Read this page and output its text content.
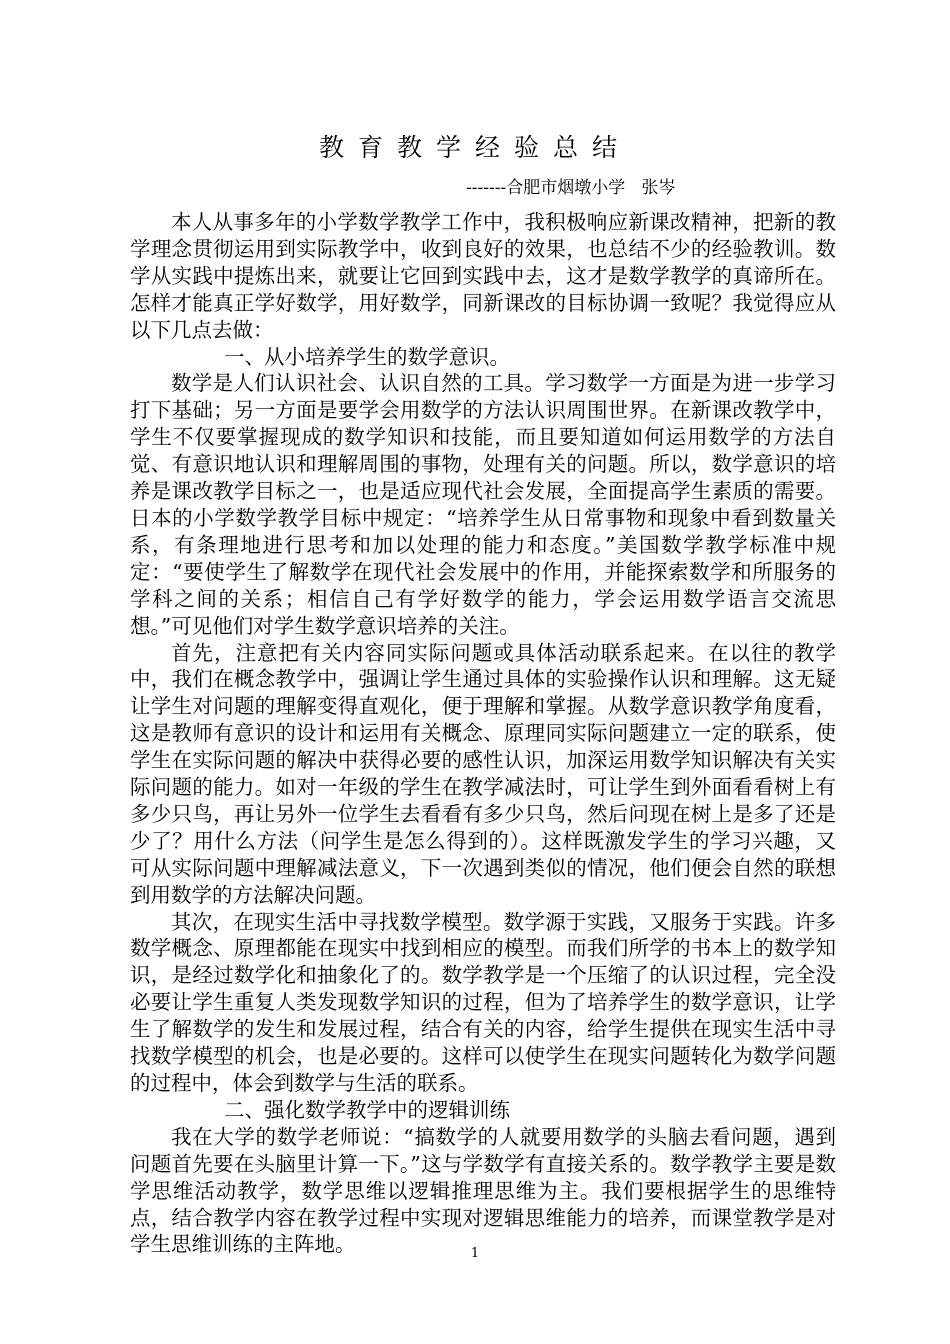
教育教学经验总结
-------合肥市烟墩小学   张岑

本人从事多年的小学数学教学工作中，我积极响应新课改精神，把新的教学理念贯彻运用到实际教学中，收到良好的效果，也总结不少的经验教训。数学从实践中提炼出来，就要让它回到实践中去，这才是数学教学的真谛所在。怎样才能真正学好数学，用好数学，同新课改的目标协调一致呢？我觉得应从以下几点去做：

一、从小培养学生的数学意识。

数学是人们认识社会、认识自然的工具。学习数学一方面是为进一步学习打下基础；另一方面是要学会用数学的方法认识周围世界。在新课改教学中，学生不仅要掌握现成的数学知识和技能，而且要知道如何运用数学的方法自觉、有意识地认识和理解周围的事物，处理有关的问题。所以，数学意识的培养是课改教学目标之一，也是适应现代社会发展，全面提高学生素质的需要。日本的小学数学教学目标中规定：“培养学生从日常事物和现象中看到数量关系，有条理地进行思考和加以处理的能力和态度。”美国数学教学标准中规定：“要使学生了解数学在现代社会发展中的作用，并能探索数学和所服务的学科之间的关系；相信自己有学好数学的能力，学会运用数学语言交流思想。”可见他们对学生数学意识培养的关注。

首先，注意把有关内容同实际问题或具体活动联系起来。在以往的教学中，我们在概念教学中，强调让学生通过具体的实验操作认识和理解。这无疑让学生对问题的理解变得直观化，便于理解和掌握。从数学意识教学角度看，这是教师有意识的设计和运用有关概念、原理同实际问题建立一定的联系，使学生在实际问题的解决中获得必要的感性认识，加深运用数学知识解决有关实际问题的能力。如对一年级的学生在教学减法时，可让学生到外面看看树上有多少只鸟，再让另外一位学生去看看有多少只鸟，然后问现在树上是多了还是少了？用什么方法（问学生是怎么得到的）。这样既激发学生的学习兴趣，又可从实际问题中理解减法意义，下一次遇到类似的情况，他们便会自然的联想到用数学的方法解决问题。

其次，在现实生活中寻找数学模型。数学源于实践，又服务于实践。许多数学概念、原理都能在现实中找到相应的模型。而我们所学的书本上的数学知识，是经过数学化和抽象化了的。数学教学是一个压缩了的认识过程，完全没必要让学生重复人类发现数学知识的过程，但为了培养学生的数学意识，让学生了解数学的发生和发展过程，结合有关的内容，给学生提供在现实生活中寻找数学模型的机会，也是必要的。这样可以使学生在现实问题转化为数学问题的过程中，体会到数学与生活的联系。

二、强化数学教学中的逻辑训练

我在大学的数学老师说：“搞数学的人就要用数学的头脑去看问题，遇到问题首先要在头脑里计算一下。”这与学数学有直接关系的。数学教学主要是数学思维活动教学，数学思维以逻辑推理思维为主。我们要根据学生的思维特点，结合教学内容在教学过程中实现对逻辑思维能力的培养，而课堂教学是对学生思维训练的主阵地。	1
